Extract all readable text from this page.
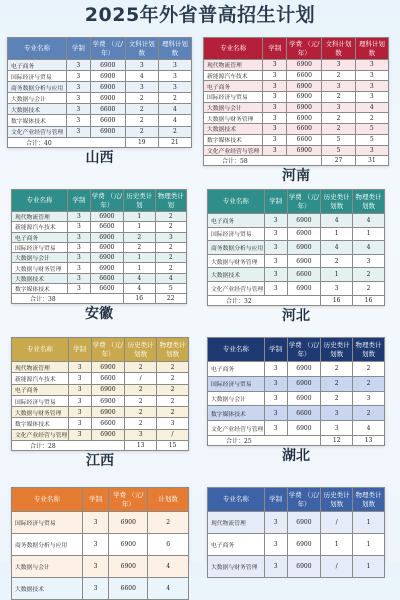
2025年外省普高招生计划
专业名称	学制	学费 （元/年）	文科计划数	理科计划数
电子商务	3	6900	3	3
国际经济与贸易	3	6900	4	3
商务数据分析与应用	3	6900	3	3
大数据与会计	3	6900	2	2
大数据技术	3	6600	2	4
数字媒体技术	3	6600	2	4
文化产业经营与管理	3	6900	2	2
合计：40			19	21
山西
专业名称	学制	学费 （元/年）	文科计划数	理科计划数
现代物流管理	3	6900	3	3
新能源汽车技术	3	6600	2	3
电子商务	3	6900	3	3
国际经济与贸易	3	6900	2	3
大数据与会计	3	6900	3	4
大数据与财务管理	3	6900	2	2
大数据技术	3	6600	2	5
数字媒体技术	3	6600	5	5
文化产业经营与管理	3	6900	5	3
合计：58			27	31
河南
专业名称	学制	学费 （元/年）	历史类计划	物理类计划
现代物流管理	3	6900	1	2
新能源汽车技术	3	6600	1	2
电子商务	3	6900	2	3
国际经济与贸易	3	6900	2	2
大数据与会计	3	6900	1	2
大数据与财务管理	3	6900	1	2
大数据技术	3	6600	4	4
数字媒体技术	3	6600	4	5
合计：38			16	22
安徽
专业名称	学制	学费 （元/年）	历史类计划数	物理类计划数
电子商务	3	6900	4	4
国际经济与贸易	3	6900	1	1
商务数据分析与应用	3	6900	4	4
大数据与财务管理	3	6900	2	3
大数据技术	3	6600	1	2
文化产业经营与管理	3	6900	3	2
合计：32			16	16
河北
专业名称	学制	学费 （元/年）	历史类计划数	物理类计划数
现代物流管理	3	6900	2	2
新能源汽车技术	3	6600	/	2
电子商务	3	6900	2	2
国际经济与贸易	3	6900	2	2
大数据与财务管理	3	6900	2	2
数字媒体技术	3	6600	2	3
文化产业经营与管理	3	6900	3	/
合计：28			13	15
江西
专业名称	学制	学费 （元/年）	历史类计划数	物理类计划数
电子商务	3	6900	2	2
国际经济与贸易	3	6900	2	2
大数据与会计	3	6900	2	3
数字媒体技术	3	6600	3	2
文化产业经营与管理	3	6900	3	4
合计：25			12	13
湖北
专业名称	学制	学费 （元/年）	计划数
国际经济与贸易	3	6900	2
商务数据分析与应用	3	6900	6
大数据与会计	3	6900	4
大数据技术	3	6600	4
专业名称	学制	学费 （元/年）	历史类计划数	物理类计划数
现代物流管理	3	6900	/	1
电子商务	3	6900	1	1
大数据与财务管理	3	6900	/	1
